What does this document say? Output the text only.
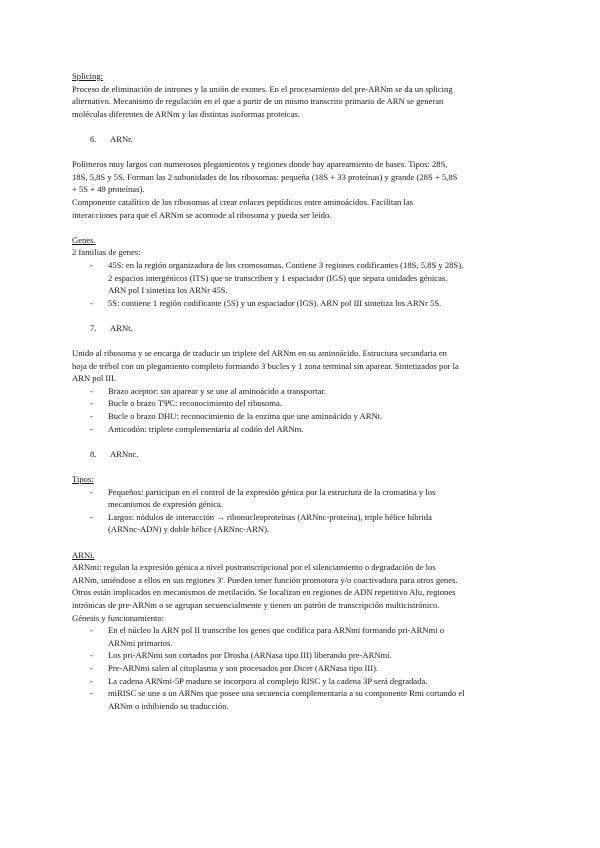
Splicing:

Proceso de eliminación de intrones y la unión de exones. En el procesamiento del pre-ARNm se da un splicing

alternativo. Mecanismo de regulación en el que a partir de un mismo transcrito primario de ARN se generan

moléculas diferentes de ARNm y las distintas isoformas proteicas.

6. ARNr.

Polímeros muy largos con numerosos plegamientos y regiones donde hay apareamiento de bases. Tipos: 28S,

18S, 5,8S y 5S. Forman las 2 subunidades de los ribosomas: pequeña (18S + 33 proteínas) y grande (28S + 5,8S

+ 5S + 49 proteínas).

Componente catalítico de los ribosomas al crear enlaces peptídicos entre aminoácidos. Facilitan las

interacciones para que el ARNm se acomode al ribosoma y pueda ser leído.

Genes.

2 familias de genes:

- 45S: en la región organizadora de los cromosomas. Contiene 3 regiones codificantes (18S, 5,8S y 28S),

2 espacios intergénicos (ITS) que se transcriben y 1 espaciador (IGS) que separa unidades génicas.

ARN pol I sintetiza los ARNr 45S.

- 5S: contiene 1 región codificante (5S) y un espaciador (IGS). ARN pol III sintetiza los ARNr 5S.

7. ARNt.

Unido al ribosoma y se encarga de traducir un triplete del ARNm en su aminoácido. Estructura secundaria en

hoja de trébol con un plegamiento completo formando 3 bucles y 1 zona terminal sin aparear. Sintetizados por la

ARN pol III.

- Brazo aceptor: sin aparear y se une al aminoácido a transportar.
- Bucle o brazo TΨC: reconocimiento del ribosoma.
- Bucle o brazo DHU: reconocimiento de la enzima que une aminoácido y ARNt.
- Anticodón: triplete complementaria al codón del ARNm.
8. ARNnc.

Tipos:

- Pequeños: participan en el control de la expresión génica por la estructura de la cromatina y los

mecanismos de expresión génica.

- Largos: nódulos de interacción → ribonucleoproteínas (ARNnc-proteína), triple hélice híbrida

(ARNnc-ADN) y doble hélice (ARNnc-ARN).

ARNi.

ARNmi: regulan la expresión génica a nivel postranscripcional por el silenciamiento o degradación de los

ARNm, uniéndose a ellos en sus regiones 3'. Pueden tener función promotora y/o coactivadora para otros genes.

Otros están implicados en mecanismos de metilación. Se localizan en regiones de ADN repetitivo Alu, regiones

intrónicas de pre-ARNm o se agrupan secuencialmente y tienen un patrón de transcripción multicistrónico.

Génesis y funcionamiento:

- En el núcleo la ARN pol II transcribe los genes que codifica para ARNmi formando pri-ARNmi o

ARNmi primarios.

- Los pri-ARNmi son cortados por Drosha (ARNasa tipo III) liberando pre-ARNmi.

- Pre-ARNmi salen al citoplasma y son procesados por Dicer (ARNasa tipo III).

- La cadena ARNmi-5P maduro se incorpora al complejo RISC y la cadena 3P será degradada.

- miRISC se une a un ARNm que posee una secuencia complementaria a su componente Rmi cortando el

ARNm o inhibiendo su traducción.
